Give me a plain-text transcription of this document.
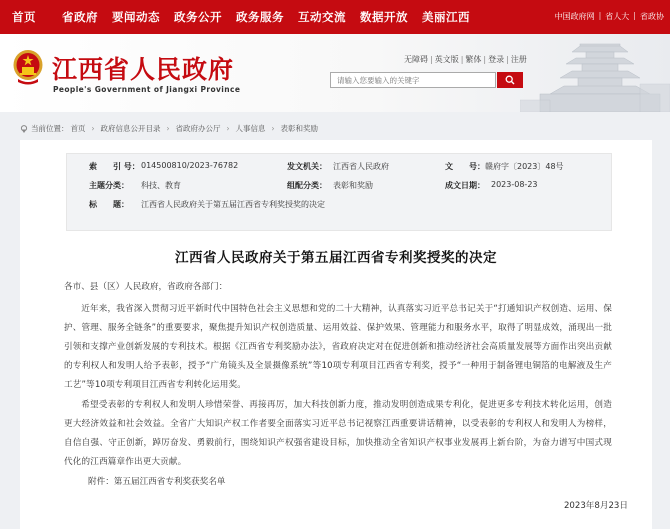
首页 省政府 要闻动态 政务公开 政务服务 互动交流 数据开放 美丽江西	中国政府网 | 省人大 | 省政协
江西省人民政府
People's Government of Jiangxi Province
无障碍 | 英文版 | 繁体 | 登录 | 注册
请输入您要输入的关键字
当前位置： 首页 › 政府信息公开目录 › 省政府办公厅 › 人事信息 › 表彰和奖励
索　　引 号： 014500810/2023-76782	发文机关： 江西省人民政府	文　　号： 赣府字〔2023〕48号
主题分类： 科技、教育	组配分类： 表彰和奖励	成文日期： 2023-08-23
标　　题： 江西省人民政府关于第五届江西省专利奖授奖的决定
江西省人民政府关于第五届江西省专利奖授奖的决定
各市、县（区）人民政府，省政府各部门：

近年来，我省深入贯彻习近平新时代中国特色社会主义思想和党的二十大精神，认真落实习近平总书记关于“打通知识产权创造、运用、保护、管理、服务全链条”的重要要求，聚焦提升知识产权创造质量、运用效益、保护效果、管理能力和服务水平，取得了明显成效，涌现出一批引领和支撑产业创新发展的专利技术。根据《江西省专利奖励办法》，省政府决定对在促进创新和推动经济社会高质量发展等方面作出突出贡献的专利权人和发明人给予表彰，授予“广角镜头及全景摄像系统”等10项专利项目江西省专利奖，授予“一种用于制备锂电铜箔的电解液及生产工艺”等10项专利项目江西省专利转化运用奖。

希望受表彰的专利权人和发明人珍惜荣誉、再接再厉，加大科技创新力度，推动发明创造成果专利化，促进更多专利技术转化运用，创造更大经济效益和社会效益。全省广大知识产权工作者要全面落实习近平总书记视察江西重要讲话精神，以受表彰的专利权人和发明人为榜样，自信自强、守正创新，踔厉奋发、勇毅前行，围绕知识产权强省建设目标，加快推动全省知识产权事业发展再上新台阶，为奋力谱写中国式现代化的江西篇章作出更大贡献。

附件：第五届江西省专利奖获奖名单
2023年8月23日
